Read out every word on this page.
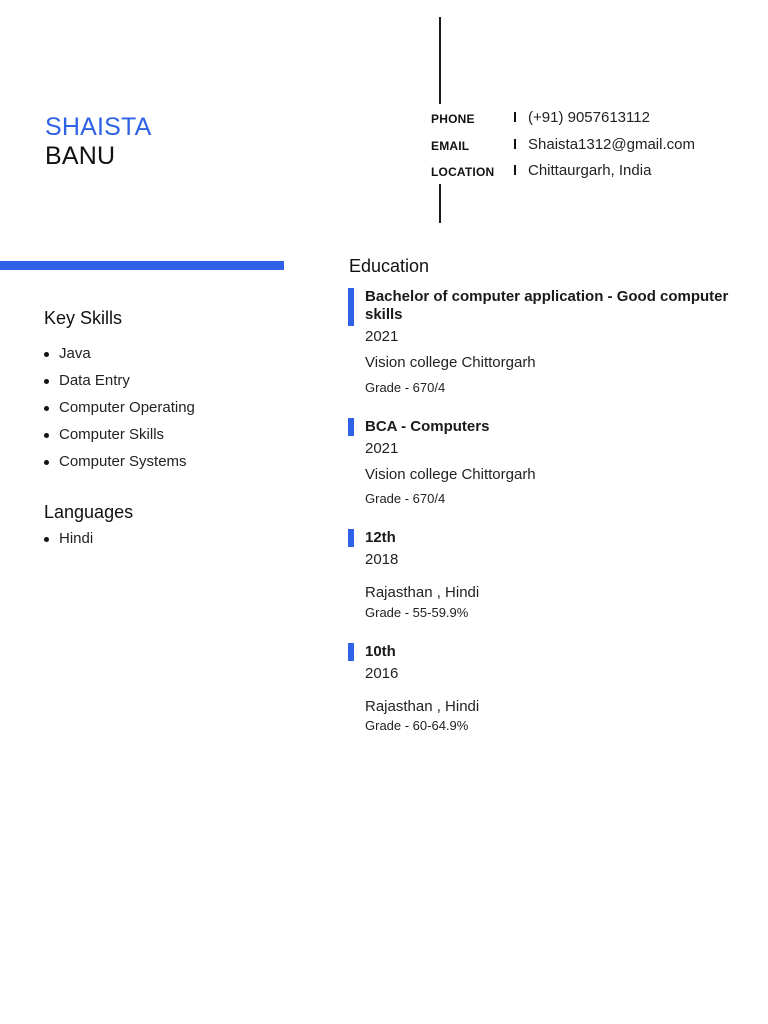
SHAISTA
BANU
PHONE	(+91) 9057613112
EMAIL	Shaista1312@gmail.com
LOCATION Chittaurgarh, India
Key Skills
Java
Data Entry
Computer Operating
Computer Skills
Computer Systems
Languages
Hindi
Education
Bachelor of computer application - Good computer skills
2021
Vision college Chittorgarh
Grade - 670/4
BCA - Computers
2021
Vision college Chittorgarh
Grade - 670/4
12th
2018
Rajasthan , Hindi
Grade - 55-59.9%
10th
2016
Rajasthan , Hindi
Grade - 60-64.9%
